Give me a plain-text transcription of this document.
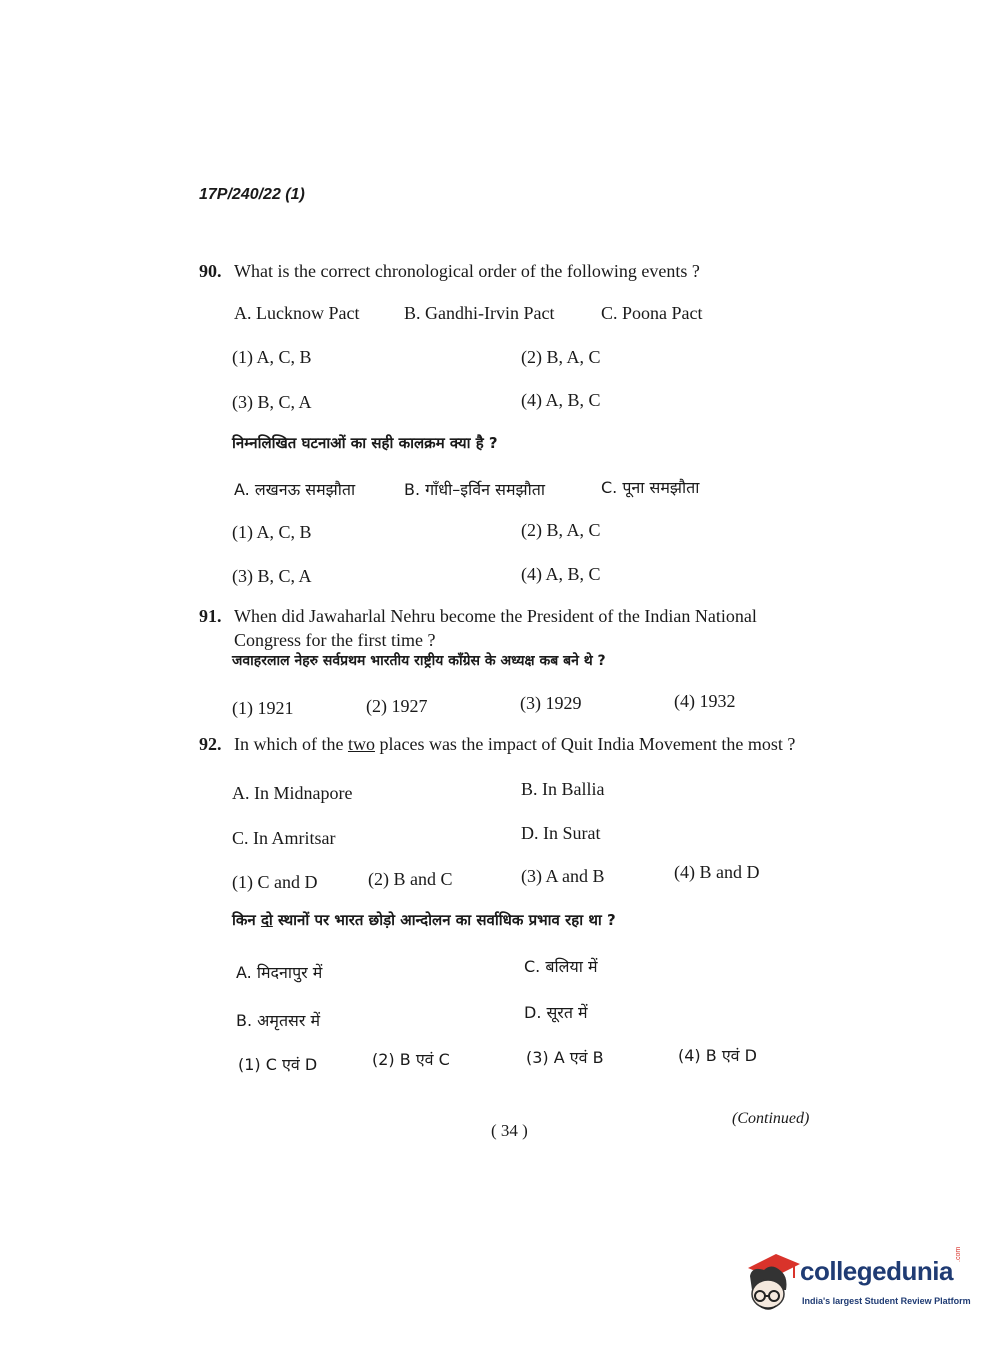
17P/240/22 (1)
90. What is the correct chronological order of the following events ?
A. Lucknow Pact B. Gandhi-Irvin Pact	C. Poona Pact
(1) A, C, B	(2) B, A, C
(3) B, C, A	(4) A, B, C
निम्नलिखित घटनाओं का सही कालक्रम क्या है ?
A. लखनऊ समझौता	B. गाँधी–इर्विन समझौता	C. पूना समझौता
(1) A, C, B	(2) B, A, C
(3) B, C, A	(4) A, B, C
91. When did Jawaharlal Nehru become the President of the Indian National
Congress for the first time ?
जवाहरलाल नेहरु सर्वप्रथम भारतीय राष्ट्रीय कॉंग्रेस के अध्यक्ष कब बने थे ?
(1) 1921	(2) 1927	(3) 1929	(4) 1932
92. In which of the two places was the impact of Quit India Movement the most ?
A. In Midnapore	B. In Ballia
C. In Amritsar	D. In Surat
(1) C and D	(2) B and C	(3) A and B	(4) B and D
किन दो स्थानों पर भारत छोड़ो आन्दोलन का सर्वाधिक प्रभाव रहा था ?
A. मिदनापुर में	C. बलिया में
B. अमृतसर में	D. सूरत में
(1) C एवं D	(2) B एवं C	(3) A एवं B	(4) B एवं D
( 34 )
(Continued)
collegedunia
.com
India's largest Student Review Platform
